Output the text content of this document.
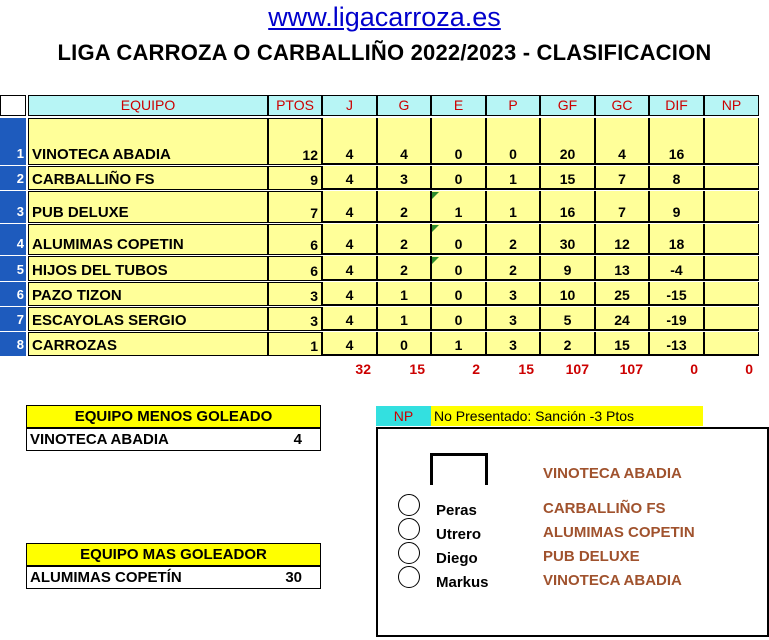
www.ligacarroza.es
LIGA CARROZA O CARBALLIÑO 2022/2023 - CLASIFICACION
EQUIPO	PTOS	J	G	E	P	GF	GC	DIF	NP
1 VINOTECA ABADIA	12	4	4	0	0	20	4	16
2 CARBALLIÑO FS	9	4	3	0	1	15	7	8
3 PUB DELUXE	7	4	2	1	1	16	7	9
4 ALUMIMAS COPETIN	6	4	2	0	2	30	12	18
5 HIJOS DEL TUBOS	6	4	2	0	2	9	13	-4
6 PAZO TIZON	3	4	1	0	3	10	25	-15
7 ESCAYOLAS SERGIO	3	4	1	0	3	5	24	-19
8 CARROZAS	1	4	0	1	3	2	15	-13
32	15	2	15	107	107	0	0
EQUIPO MENOS GOLEADO
VINOTECA ABADIA	4
EQUIPO MAS GOLEADOR
ALUMIMAS COPETÍN	30
NP	No Presentado: Sanción -3 Ptos
VINOTECA ABADIA
Peras	CARBALLIÑO FS
Utrero	ALUMIMAS COPETIN
Diego	PUB DELUXE
Markus	VINOTECA ABADIA
